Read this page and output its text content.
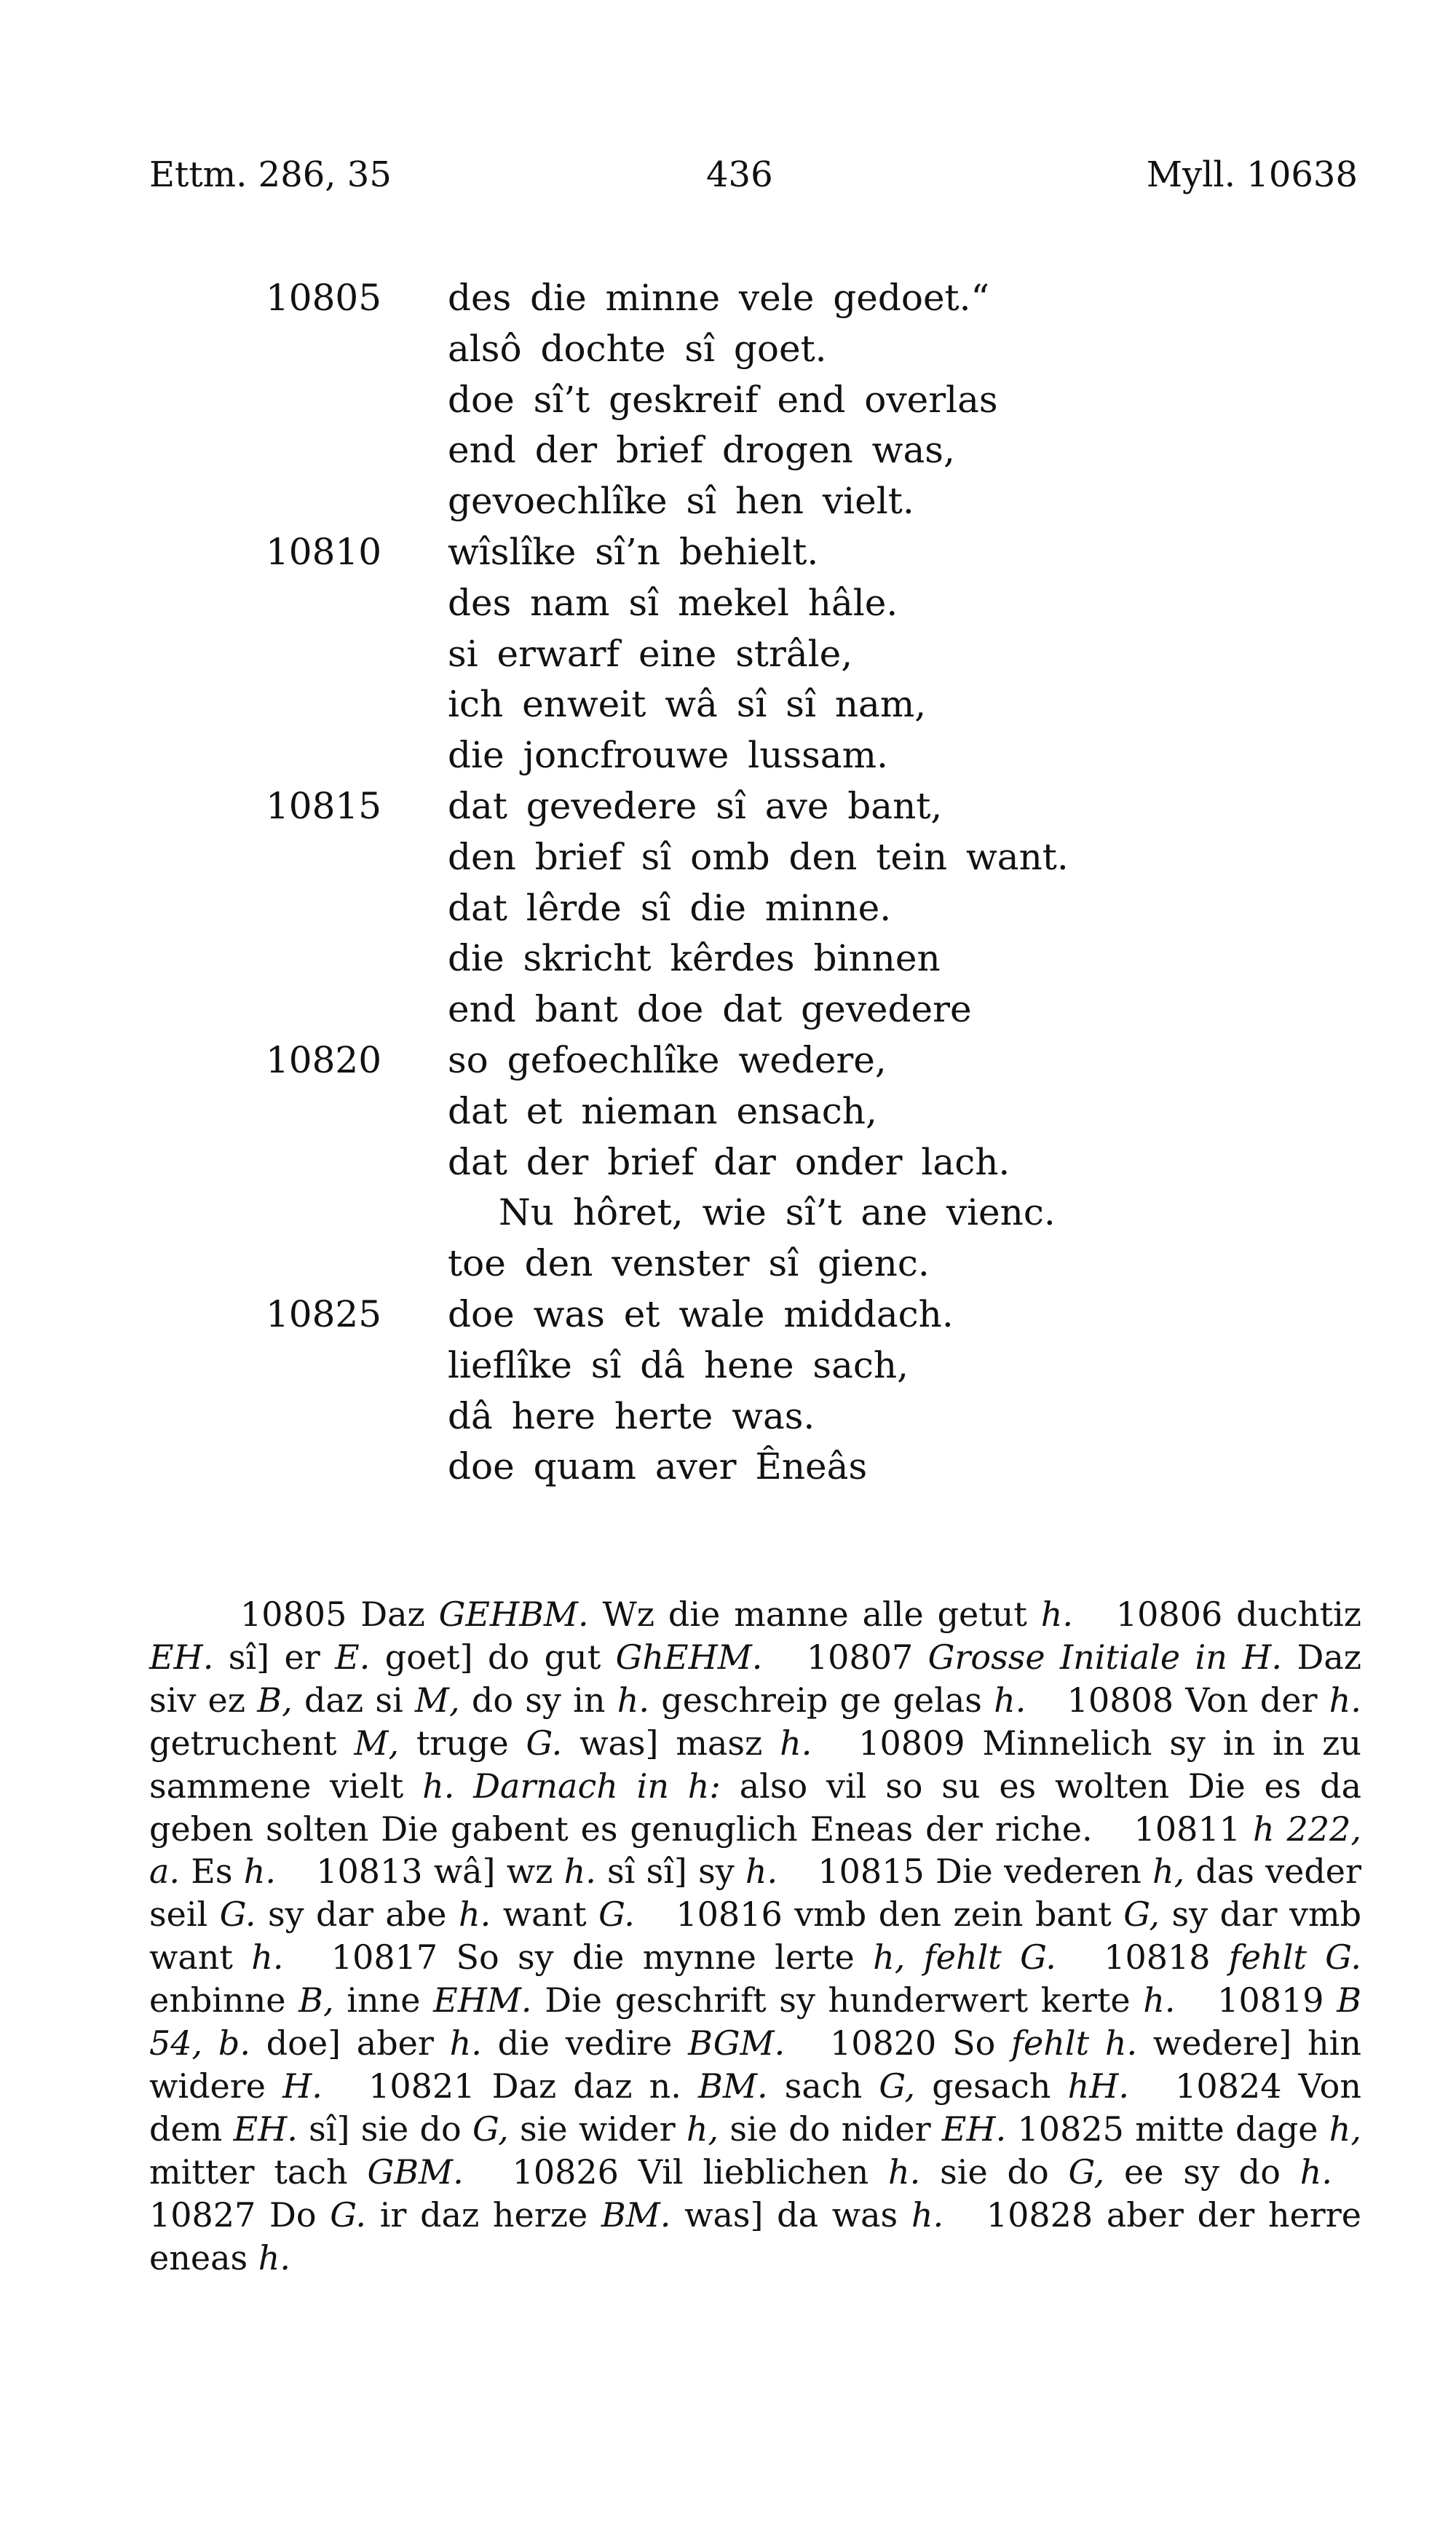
Ettm. 286, 35	436	Myll. 10638
10805	des die minne vele gedoet.“
alsô dochte sî goet.
doe sî’t geskreif end overlas
end der brief drogen was,
gevoechlîke sî hen vielt.
10810	wîslîke sî’n behielt.
des nam sî mekel hâle.
si erwarf eine strâle,
ich enweit wâ sî sî nam,
die joncfrouwe lussam.
10815	dat gevedere sî ave bant,
den brief sî omb den tein want.
dat lêrde sî die minne.
die skricht kêrdes binnen
end bant doe dat gevedere
10820	so gefoechlîke wedere,
dat et nieman ensach,
dat der brief dar onder lach.
Nu hôret, wie sî’t ane vienc.
toe den venster sî gienc.
10825	doe was et wale middach.
lieflîke sî dâ hene sach,
dâ here herte was.
doe quam aver Êneâs

10805 Daz GEHBM. Wz die manne alle getut h. 10806 duchtiz EH. sî] er E. goet] do gut GhEHM. 10807 Grosse Initiale in H. Daz siv ez B, daz si M, do sy in h. geschreip ge gelas h. 10808 Von der h. getruchent M, truge G. was] masz h. 10809 Minnelich sy in in zu sammene vielt h. Darnach in h: also vil so su es wolten Die es da geben solten Die gabent es genuglich Eneas der riche. 10811 h 222, a. Es h. 10813 wâ] wz h. sî sî] sy h. 10815 Die vederen h, das veder seil G. sy dar abe h. want G. 10816 vmb den zein bant G, sy dar vmb want h. 10817 So sy die mynne lerte h, fehlt G. 10818 fehlt G. enbinne B, inne EHM. Die geschrift sy hunderwert kerte h. 10819 B 54, b. doe] aber h. die vedire BGM. 10820 So fehlt h. wedere] hin widere H. 10821 Daz daz n. BM. sach G, gesach hH. 10824 Von dem EH. sî] sie do G, sie wider h, sie do nider EH. 10825 mitte dage h, mitter tach GBM. 10826 Vil lieblichen h. sie do G, ee sy do h. 10827 Do G. ir daz herze BM. was] da was h. 10828 aber der herre eneas h.
